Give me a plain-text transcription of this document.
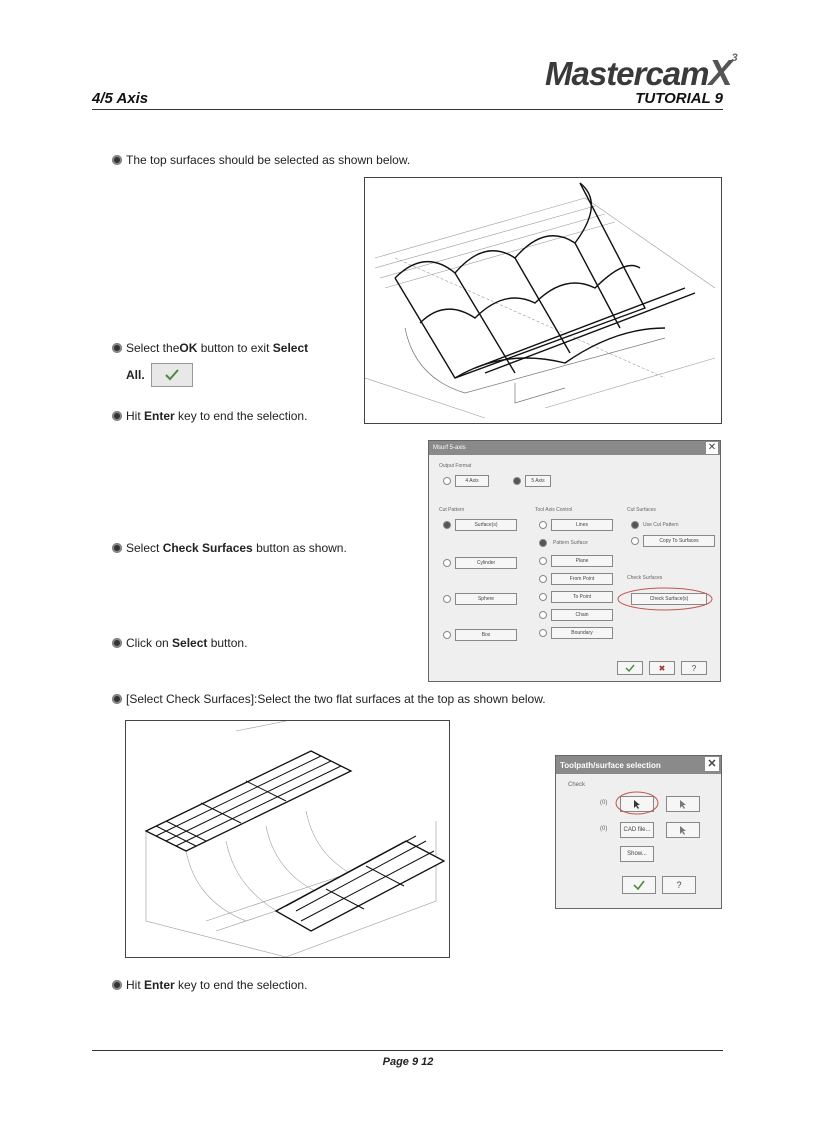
MastercamX$^3$
4/5 Axis	TUTORIAL 9
The top surfaces should be selected as shown below.
Select the OK button to exit Select
All.
Hit Enter key to end the selection.
Msurf 5-axis	✕
Output Format
4 Axis	5 Axis
Cut Pattern	Tool Axis Control	Cut Surfaces
Surface(s)
Cylinder
Sphere
Box
Lines
Pattern Surface
Plane
From Point
To Point
Chain
Boundary
Use Cut Pattern
Copy To Surfaces
Check Surfaces
Check Surface(s)
✖	?
Select Check Surfaces button as shown.
Click on Select button.
[Select Check Surfaces]:Select the two flat surfaces at the top as shown below.
Toolpath/surface selection	✕
Check
(0)
(0)	CAD file...
Show...
?
Hit Enter key to end the selection.
Page 9 12
